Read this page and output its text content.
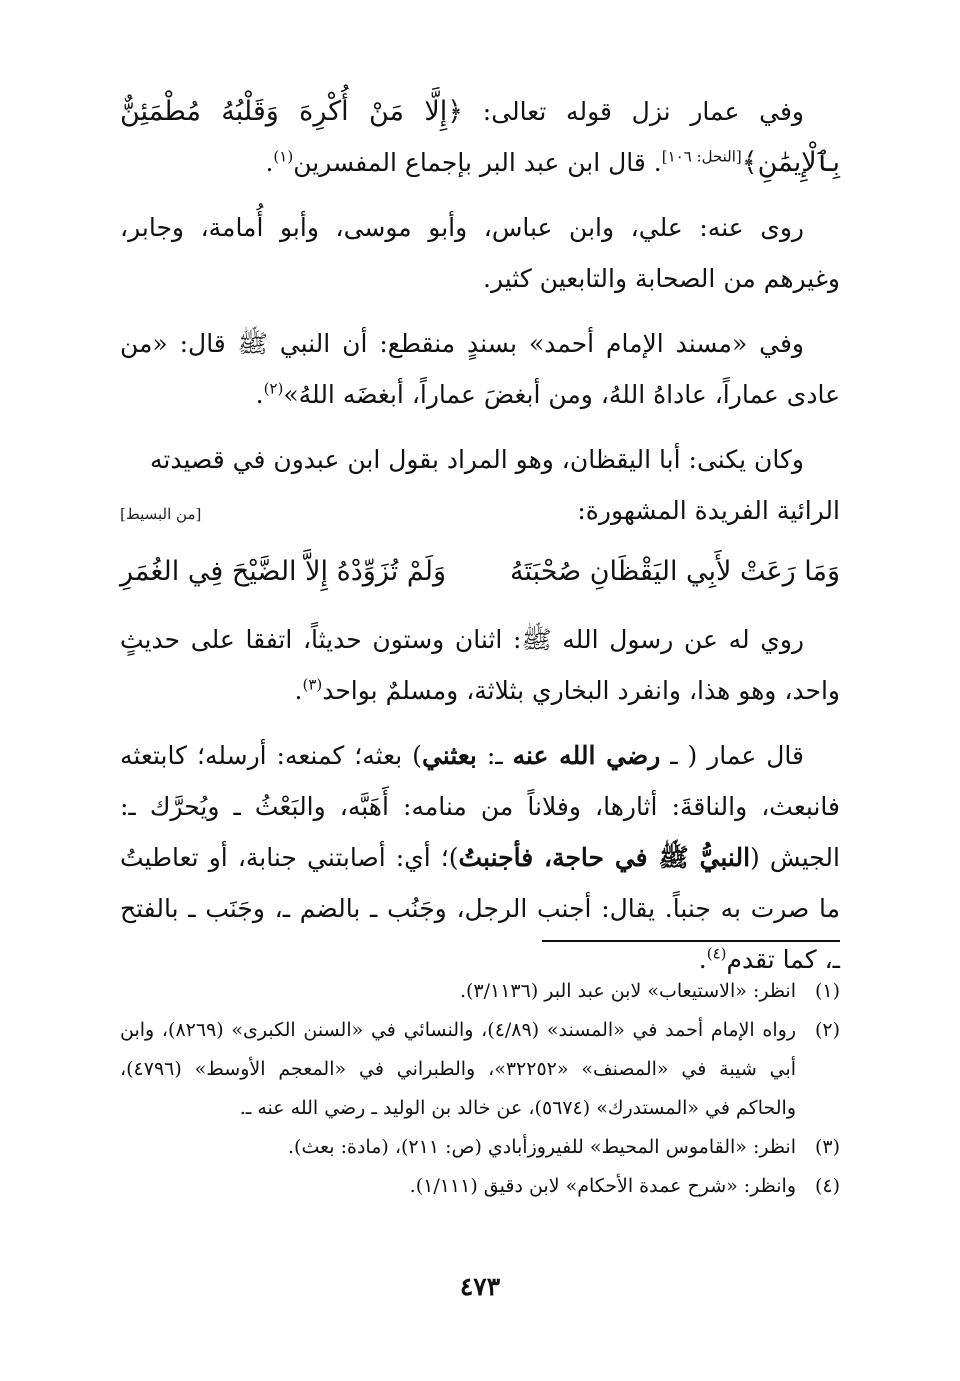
وفي عمار نزل قوله تعالى: ﴿إِلَّا مَنْ أُكْرِهَ وَقَلْبُهُ مُطْمَئِنٌّ بِٱلْإِيمَٰنِ﴾[النحل: ١٠٦]. قال ابن عبد البر بإجماع المفسرين$^{(١)}$.

روى عنه: علي، وابن عباس، وأبو موسى، وأبو أُمامة، وجابر، وغيرهم من الصحابة والتابعين كثير.

وفي «مسند الإمام أحمد» بسندٍ منقطع: أن النبي ﷺ قال: «من عادى عماراً، عاداهُ اللهُ، ومن أبغضَ عماراً، أبغضَه اللهُ»$^{(٢)}$.

وكان يكنى: أبا اليقظان، وهو المراد بقول ابن عبدون في قصيدته

الرائية الفريدة المشهورة:
[من البسيط]
وَمَا رَعَتْ لأَبِي اليَقْظَانِ صُحْبَتَهُ
وَلَمْ تُزَوِّدْهُ إِلاَّ الضَّيْحَ فِي الغُمَرِ

روي له عن رسول الله ﷺ: اثنان وستون حديثاً، اتفقا على حديثٍ واحد، وهو هذا، وانفرد البخاري بثلاثة، ومسلمٌ بواحد$^{(٣)}$.

قال عمار ( ـ رضي الله عنه ـ: بعثني) بعثه؛ كمنعه: أرسله؛ كابتعثه فانبعث، والناقةَ: أثارها، وفلاناً من منامه: أَهَبَّه، والبَعْثُ ـ ويُحرَّك ـ: الجيش (النبيُّ ﷺ في حاجة، فأجنبتُ)؛ أي: أصابتني جنابة، أو تعاطيتُ ما صرت به جنباً. يقال: أجنب الرجل، وجَنُب ـ بالضم ـ، وجَنَب ـ بالفتح ـ، كما تقدم$^{(٤)}$.

(١)
انظر: «الاستيعاب» لابن عبد البر (٣/١١٣٦).
(٢)
رواه الإمام أحمد في «المسند» (٤/٨٩)، والنسائي في «السنن الكبرى» (٨٢٦٩)، وابن أبي شيبة في «المصنف» «٣٢٢٥٢»، والطبراني في «المعجم الأوسط» (٤٧٩٦)، والحاكم في «المستدرك» (٥٦٧٤)، عن خالد بن الوليد ـ رضي الله عنه ـ.
(٣)
انظر: «القاموس المحيط» للفيروزأبادي (ص: ٢١١)، (مادة: بعث).
(٤)
وانظر: «شرح عمدة الأحكام» لابن دقيق (١/١١١).
٤٧٣
